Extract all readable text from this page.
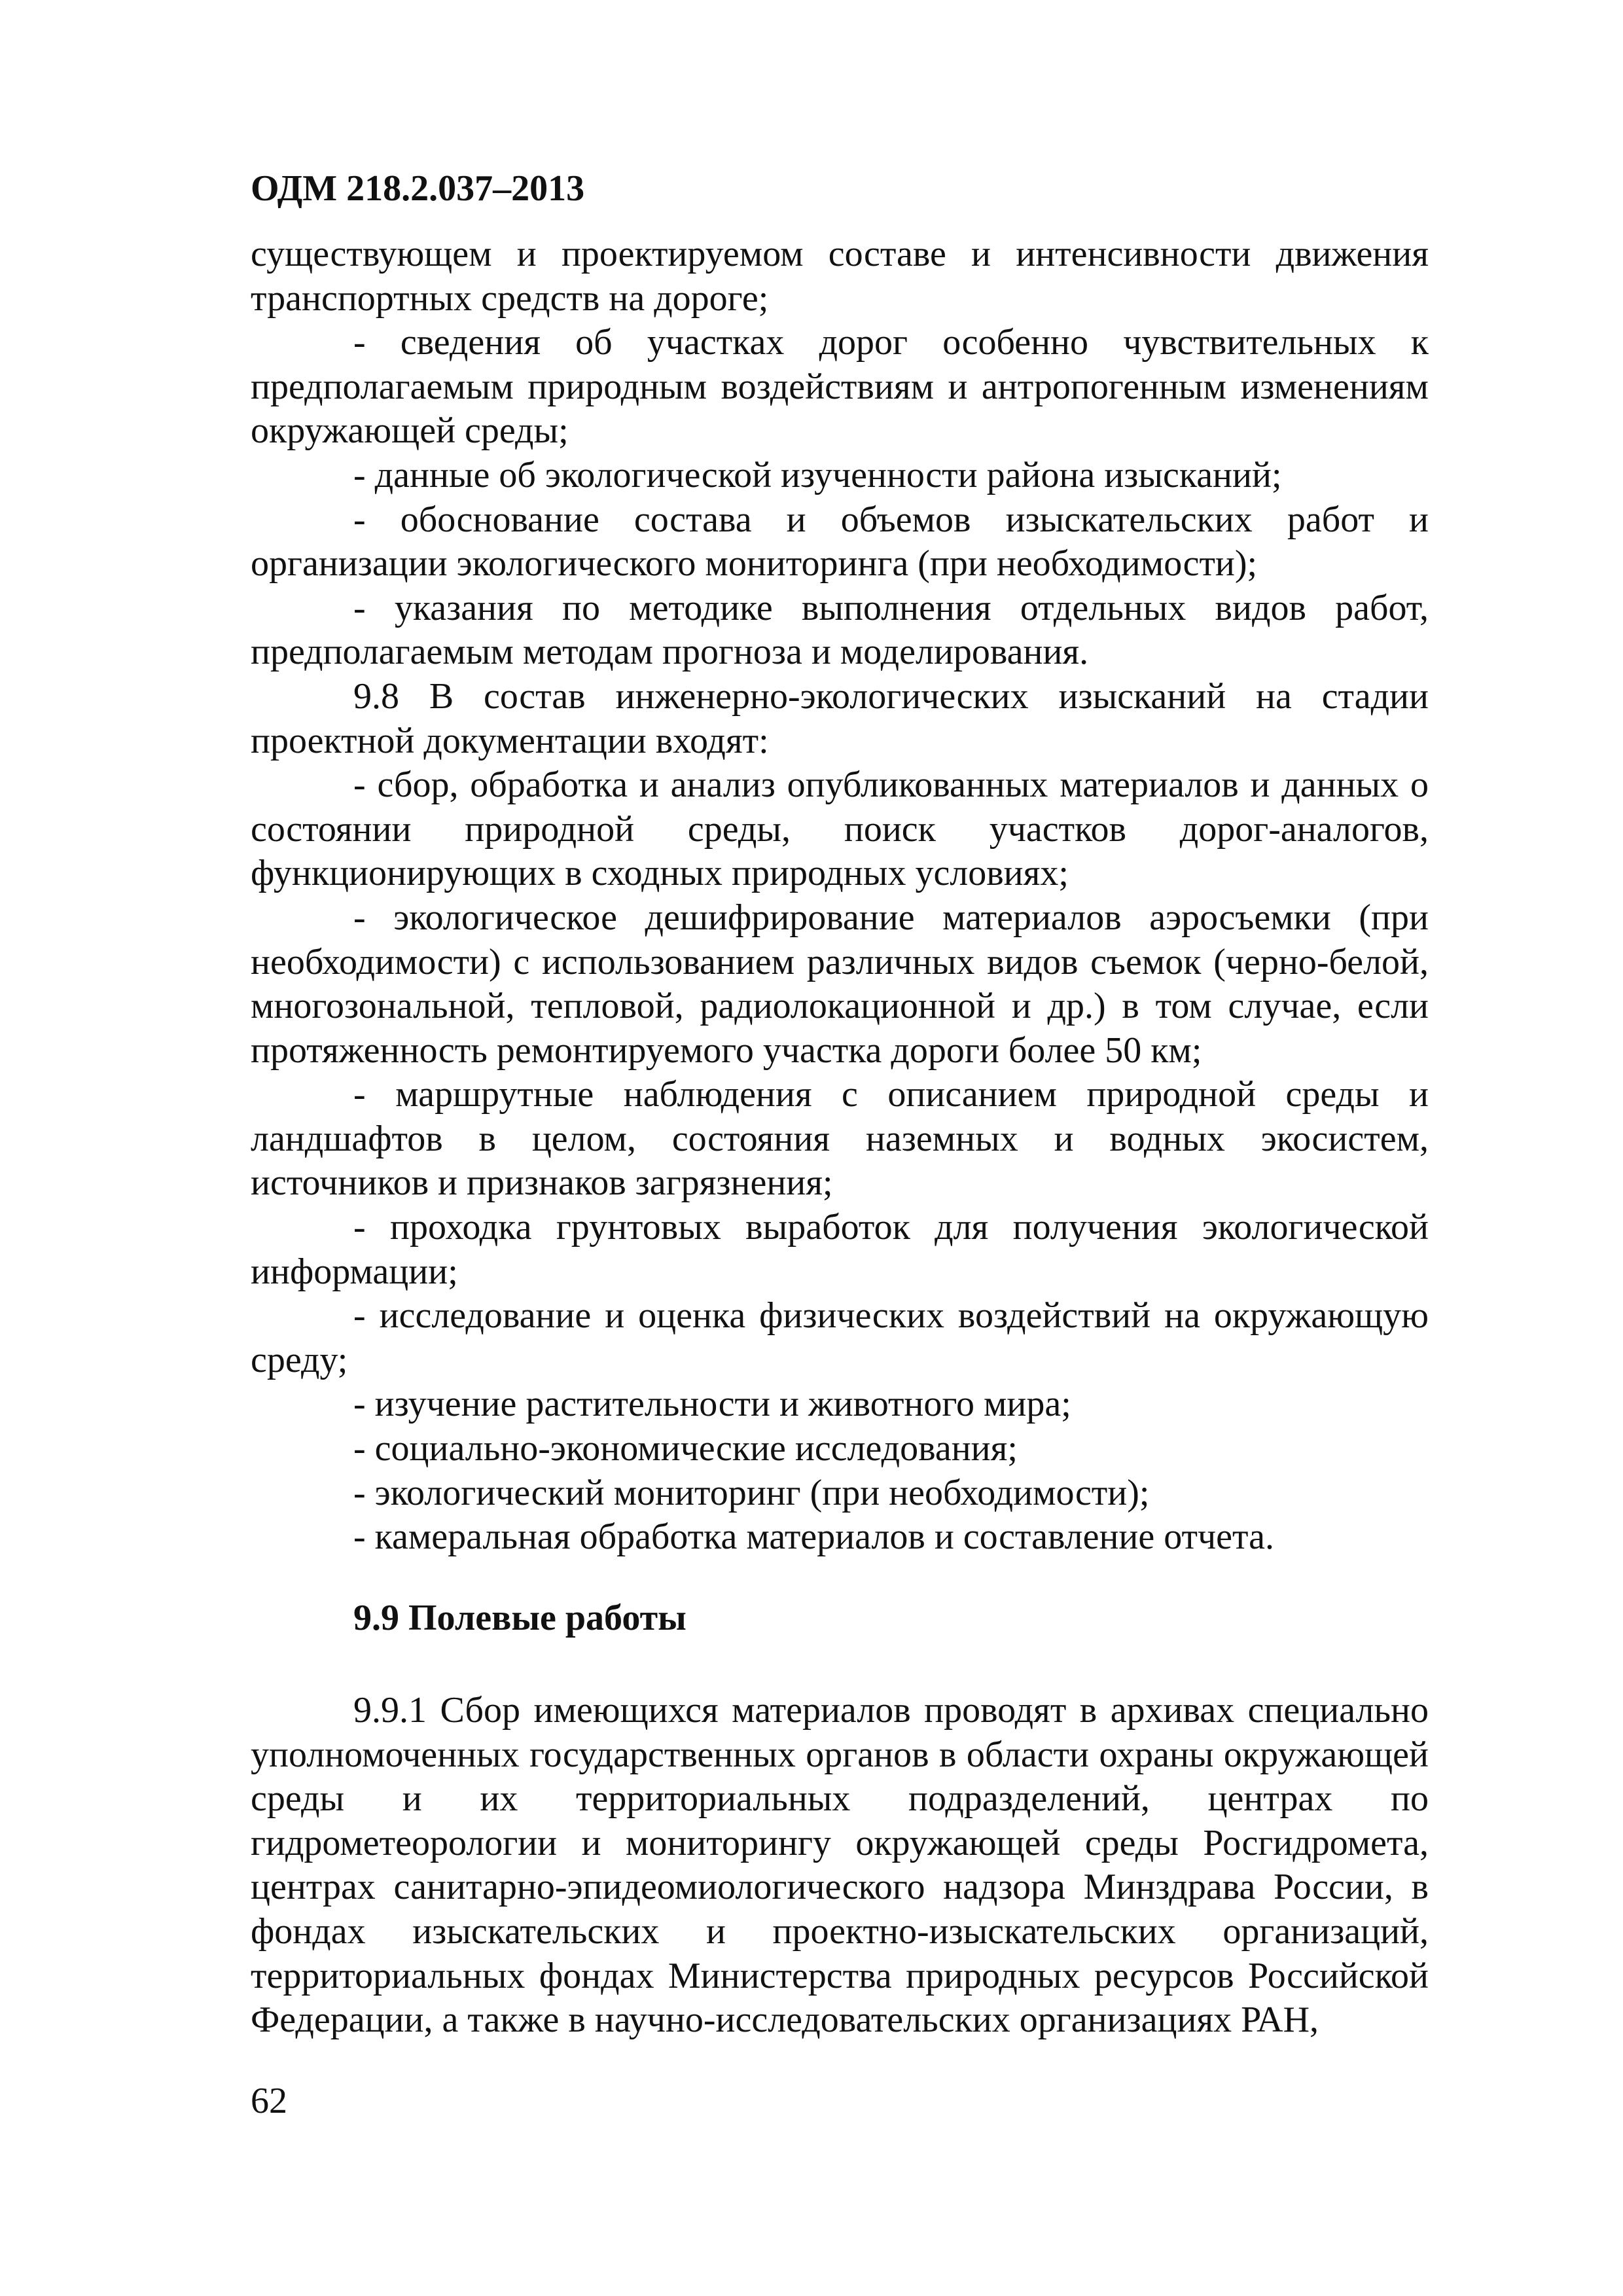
ОДМ 218.2.037–2013

существующем и проектируемом составе и интенсивности движения транспортных средств на дороге;

- сведения об участках дорог особенно чувствительных к предполагаемым природным воздействиям и антропогенным изменениям окружающей среды;

- данные об экологической изученности района изысканий;

- обоснование состава и объемов изыскательских работ и организации экологического мониторинга (при необходимости);

- указания по методике выполнения отдельных видов работ, предполагаемым методам прогноза и моделирования.

9.8 В состав инженерно-экологических изысканий на стадии проектной документации входят:

- сбор, обработка и анализ опубликованных материалов и данных о состоянии природной среды, поиск участков дорог-аналогов, функционирующих в сходных природных условиях;

- экологическое дешифрирование материалов аэросъемки (при необходимости) с использованием различных видов съемок (черно-белой, многозональной, тепловой, радиолокационной и др.) в том случае, если протяженность ремонтируемого участка дороги более 50 км;

- маршрутные наблюдения с описанием природной среды и ландшафтов в целом, состояния наземных и водных экосистем, источников и признаков загрязнения;

- проходка грунтовых выработок для получения экологической информации;

- исследование и оценка физических воздействий на окружающую среду;

- изучение растительности и животного мира;

- социально-экономические исследования;

- экологический мониторинг (при необходимости);

- камеральная обработка материалов и составление отчета.

9.9 Полевые работы

9.9.1 Сбор имеющихся материалов проводят в архивах специально уполномоченных государственных органов в области охраны окружающей среды и их территориальных подразделений, центрах по гидрометеорологии и мониторингу окружающей среды Росгидромета, центрах санитарно-эпидеомиологического надзора Минздрава России, в фондах изыскательских и проектно-изыскательских организаций, территориальных фондах Министерства природных ресурсов Российской Федерации, а также в научно-исследовательских организациях РАН,

62
